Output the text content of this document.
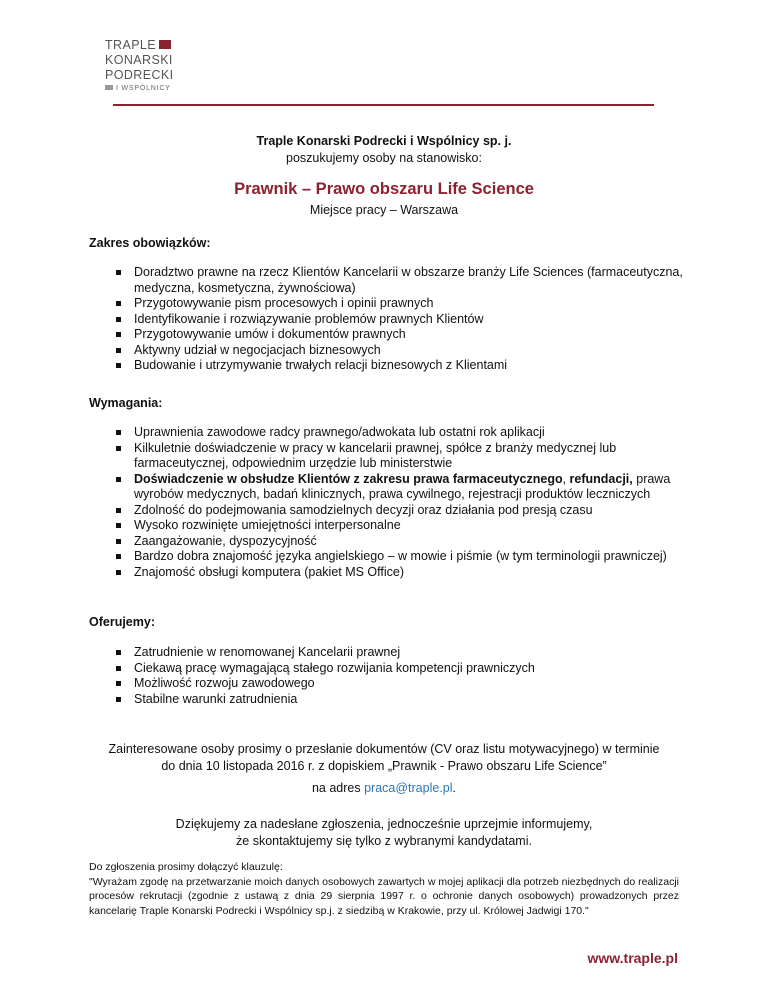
TRAPLE
KONARSKI
PODRECKI
I WSPÓLNICY
Traple Konarski Podrecki i Wspólnicy sp. j.
poszukujemy osoby na stanowisko:
Prawnik – Prawo obszaru Life Science
Miejsce pracy – Warszawa

Zakres obowiązków:

Doradztwo prawne na rzecz Klientów Kancelarii w obszarze branży Life Sciences (farmaceutyczna, medyczna, kosmetyczna, żywnościowa)
Przygotowywanie pism procesowych i opinii prawnych
Identyfikowanie i rozwiązywanie problemów prawnych Klientów
Przygotowywanie umów i dokumentów prawnych
Aktywny udział w negocjacjach biznesowych
Budowanie i utrzymywanie trwałych relacji biznesowych z Klientami

Wymagania:

Uprawnienia zawodowe radcy prawnego/adwokata lub ostatni rok aplikacji
Kilkuletnie doświadczenie w pracy w kancelarii prawnej, spółce z branży medycznej lub farmaceutycznej, odpowiednim urzędzie lub ministerstwie
Doświadczenie w obsłudze Klientów z zakresu prawa farmaceutycznego, refundacji, prawa wyrobów medycznych, badań klinicznych, prawa cywilnego, rejestracji produktów leczniczych
Zdolność do podejmowania samodzielnych decyzji oraz działania pod presją czasu
Wysoko rozwinięte umiejętności interpersonalne
Zaangażowanie, dyspozycyjność
Bardzo dobra znajomość języka angielskiego – w mowie i piśmie (w tym terminologii prawniczej)
Znajomość obsługi komputera (pakiet MS Office)

Oferujemy:

Zatrudnienie w renomowanej Kancelarii prawnej
Ciekawą pracę wymagającą stałego rozwijania kompetencji prawniczych
Możliwość rozwoju zawodowego
Stabilne warunki zatrudnienia
Zainteresowane osoby prosimy o przesłanie dokumentów (CV oraz listu motywacyjnego) w terminie
do dnia 10 listopada 2016 r. z dopiskiem „Prawnik - Prawo obszaru Life Science”
na adres praca@traple.pl.
Dziękujemy za nadesłane zgłoszenia, jednocześnie uprzejmie informujemy,
że skontaktujemy się tylko z wybranymi kandydatami.

Do zgłoszenia prosimy dołączyć klauzulę:

"Wyrażam zgodę na przetwarzanie moich danych osobowych zawartych w mojej aplikacji dla potrzeb niezbędnych do realizacji procesów rekrutacji (zgodnie z ustawą z dnia 29 sierpnia 1997 r. o ochronie danych osobowych) prowadzonych przez kancelarię Traple Konarski Podrecki i Wspólnicy sp.j. z siedzibą w Krakowie, przy ul. Królowej Jadwigi 170."

www.traple.pl
